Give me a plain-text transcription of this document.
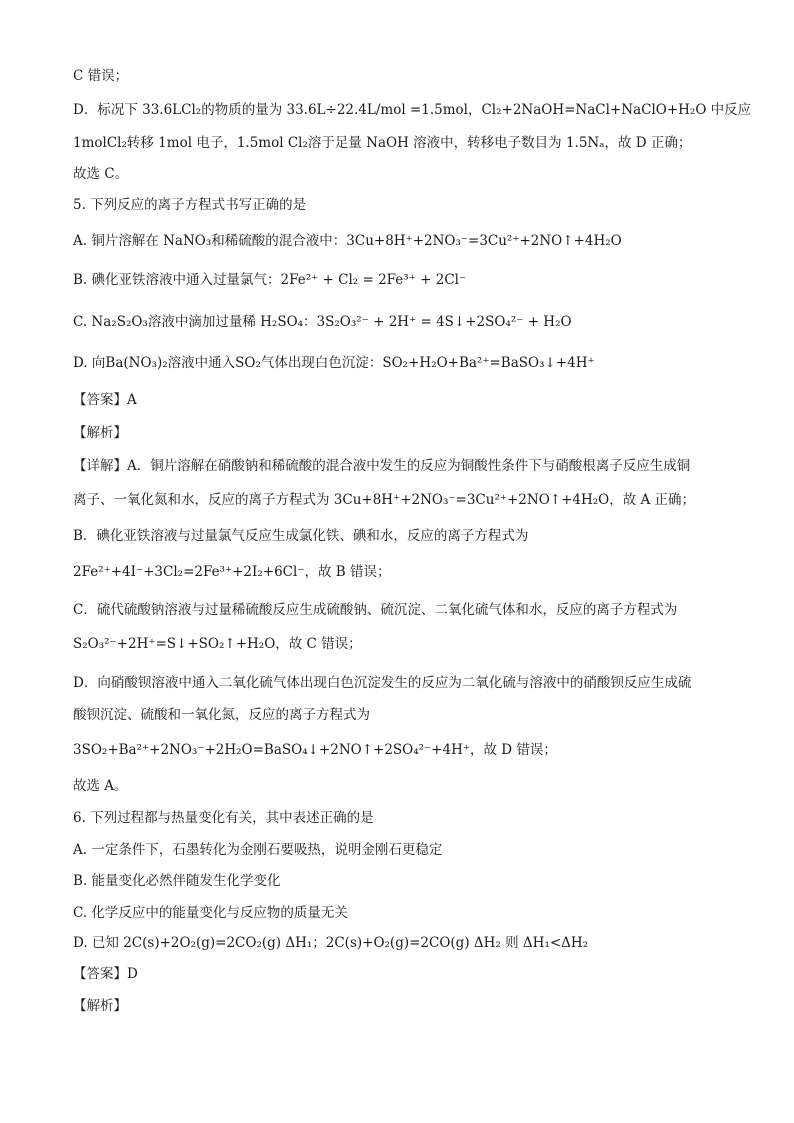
C 错误；
D．标况下 33.6LCl₂的物质的量为 33.6L÷22.4L/mol =1.5mol，Cl₂+2NaOH=NaCl+NaClO+H₂O 中反应
1molCl₂转移 1mol 电子，1.5mol Cl₂溶于足量 NaOH 溶液中，转移电子数目为 1.5Nₐ，故 D 正确；
故选 C。
5. 下列反应的离子方程式书写正确的是
A. 铜片溶解在 NaNO₃和稀硫酸的混合液中：3Cu+8H⁺+2NO₃⁻=3Cu²⁺+2NO↑+4H₂O
B. 碘化亚铁溶液中通入过量氯气：2Fe²⁺ + Cl₂ = 2Fe³⁺ + 2Cl⁻
C. Na₂S₂O₃溶液中滴加过量稀 H₂SO₄：3S₂O₃²⁻ + 2H⁺ = 4S↓+2SO₄²⁻ + H₂O
D. 向Ba(NO₃)₂溶液中通入SO₂气体出现白色沉淀：SO₂+H₂O+Ba²⁺=BaSO₃↓+4H⁺
【答案】A
【解析】
【详解】A．铜片溶解在硝酸钠和稀硫酸的混合液中发生的反应为铜酸性条件下与硝酸根离子反应生成铜
离子、一氧化氮和水，反应的离子方程式为 3Cu+8H⁺+2NO₃⁻=3Cu²⁺+2NO↑+4H₂O，故 A 正确；
B．碘化亚铁溶液与过量氯气反应生成氯化铁、碘和水，反应的离子方程式为
2Fe²⁺+4I⁻+3Cl₂=2Fe³⁺+2I₂+6Cl⁻，故 B 错误；
C．硫代硫酸钠溶液与过量稀硫酸反应生成硫酸钠、硫沉淀、二氧化硫气体和水，反应的离子方程式为
S₂O₃²⁻+2H⁺=S↓+SO₂↑+H₂O，故 C 错误；
D．向硝酸钡溶液中通入二氧化硫气体出现白色沉淀发生的反应为二氧化硫与溶液中的硝酸钡反应生成硫
酸钡沉淀、硫酸和一氧化氮，反应的离子方程式为
3SO₂+Ba²⁺+2NO₃⁻+2H₂O=BaSO₄↓+2NO↑+2SO₄²⁻+4H⁺，故 D 错误；
故选 A。
6. 下列过程都与热量变化有关，其中表述正确的是
A. 一定条件下，石墨转化为金刚石要吸热，说明金刚石更稳定
B. 能量变化必然伴随发生化学变化
C. 化学反应中的能量变化与反应物的质量无关
D. 已知 2C(s)+2O₂(g)=2CO₂(g) ΔH₁；2C(s)+O₂(g)=2CO(g) ΔH₂ 则 ΔH₁<ΔH₂
【答案】D
【解析】
